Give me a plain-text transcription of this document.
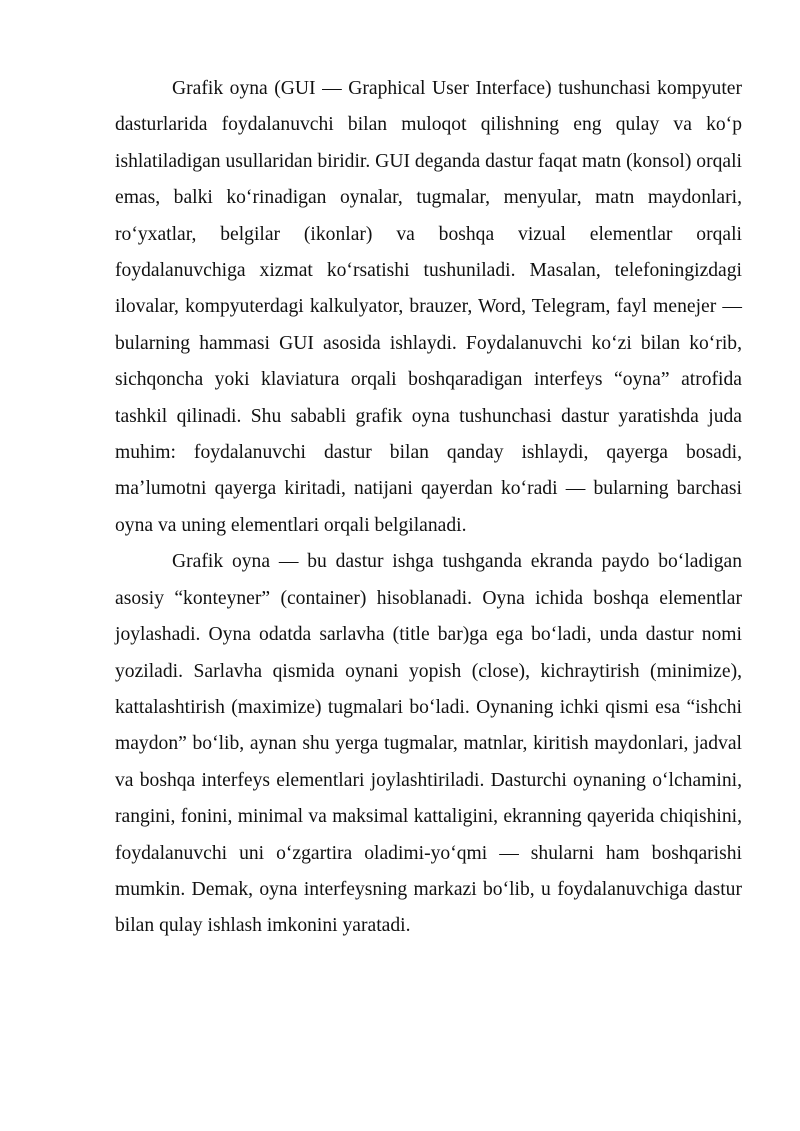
Grafik oyna (GUI — Graphical User Interface) tushunchasi kompyuter dasturlarida foydalanuvchi bilan muloqot qilishning eng qulay va koʻp ishlatiladigan usullaridan biridir. GUI deganda dastur faqat matn (konsol) orqali emas, balki koʻrinadigan oynalar, tugmalar, menyular, matn maydonlari, roʻyxatlar, belgilar (ikonlar) va boshqa vizual elementlar orqali foydalanuvchiga xizmat koʻrsatishi tushuniladi. Masalan, telefoningizdagi ilovalar, kompyuterdagi kalkulyator, brauzer, Word, Telegram, fayl menejer — bularning hammasi GUI asosida ishlaydi. Foydalanuvchi koʻzi bilan koʻrib, sichqoncha yoki klaviatura orqali boshqaradigan interfeys “oyna” atrofida tashkil qilinadi. Shu sababli grafik oyna tushunchasi dastur yaratishda juda muhim: foydalanuvchi dastur bilan qanday ishlaydi, qayerga bosadi, maʼlumotni qayerga kiritadi, natijani qayerdan koʻradi — bularning barchasi oyna va uning elementlari orqali belgilanadi.

Grafik oyna — bu dastur ishga tushganda ekranda paydo boʻladigan asosiy “konteyner” (container) hisoblanadi. Oyna ichida boshqa elementlar joylashadi. Oyna odatda sarlavha (title bar)ga ega boʻladi, unda dastur nomi yoziladi. Sarlavha qismida oynani yopish (close), kichraytirish (minimize), kattalashtirish (maximize) tugmalari boʻladi. Oynaning ichki qismi esa “ishchi maydon” boʻlib, aynan shu yerga tugmalar, matnlar, kiritish maydonlari, jadval va boshqa interfeys elementlari joylashtiriladi. Dasturchi oynaning oʻlchamini, rangini, fonini, minimal va maksimal kattaligini, ekranning qayerida chiqishini, foydalanuvchi uni oʻzgartira oladimi-yoʻqmi — shularni ham boshqarishi mumkin. Demak, oyna interfeysning markazi boʻlib, u foydalanuvchiga dastur bilan qulay ishlash imkonini yaratadi.
